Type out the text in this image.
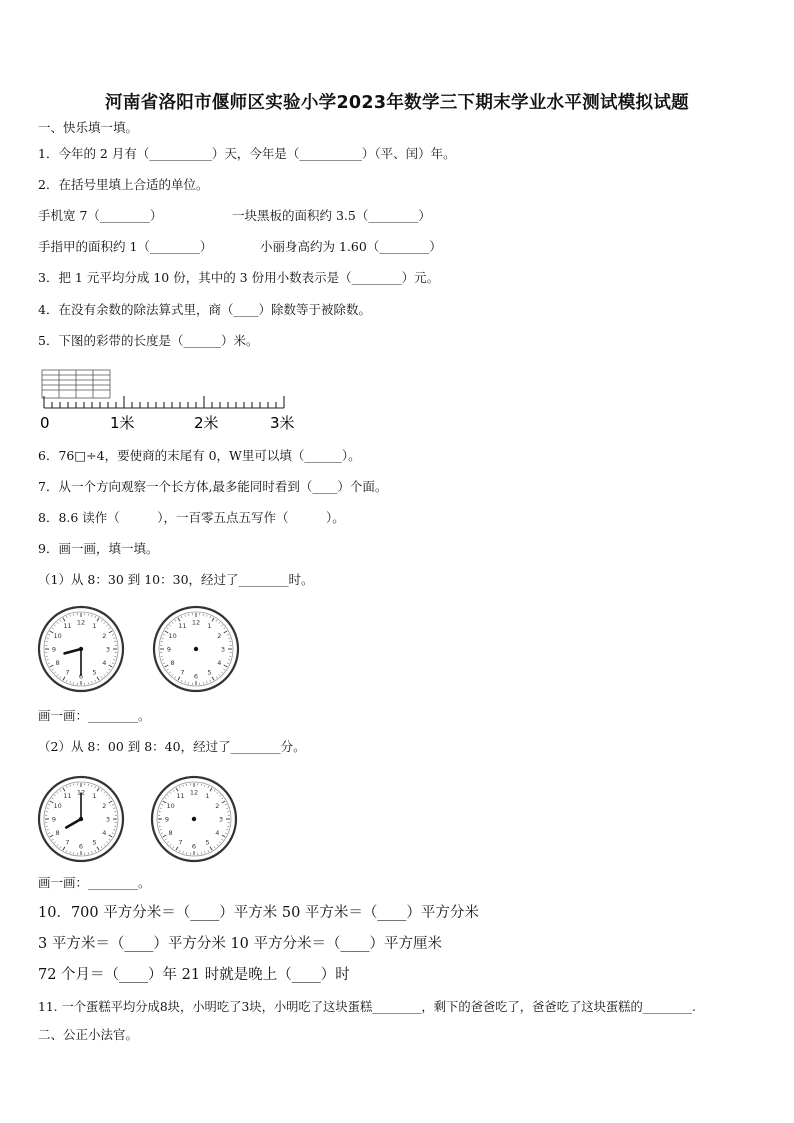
河南省洛阳市偃师区实验小学2023年数学三下期末学业水平测试模拟试题
一、快乐填一填。
1．今年的 2 月有（__________）天，今年是（__________）（平、闰）年。
2．在括号里填上合适的单位。
手机宽 7（________）	一块黑板的面积约 3.5（________）
手指甲的面积约 1（________）	小丽身高约为 1.60（________）
3．把 1 元平均分成 10 份，其中的 3 份用小数表示是（________）元。
4．在没有余数的除法算式里，商（____）除数等于被除数。
5．下图的彩带的长度是（______）米。
0	1米	2米	3米
6．76□÷4，要使商的末尾有 0，W里可以填（______）。
7．从一个方向观察一个长方体,最多能同时看到（____）个面。
8．8.6 读作（　　　），一百零五点五写作（　　　）。
9．画一画，填一填。
（1）从 8：30 到 10：30，经过了________时。
12 1
2
3
4
5
6
7
8
9
10
11	12 1
2
3
4
5
6
7
8
9
10
11
画一画：________。
（2）从 8：00 到 8：40，经过了________分。
12 1
2
3
4
5
6
7
8
9
10
11	12 1
2
3
4
5
6
7
8
9
10
11
画一画：________。
10．700 平方分米＝（____）平方米 50 平方米＝（____）平方分米
3 平方米＝（____）平方分米 10 平方分米＝（____）平方厘米
72 个月＝（____）年 21 时就是晚上（____）时
11. 一个蛋糕平均分成8块，小明吃了3块，小明吃了这块蛋糕________，剩下的爸爸吃了，爸爸吃了这块蛋糕的________.
二、公正小法官。
